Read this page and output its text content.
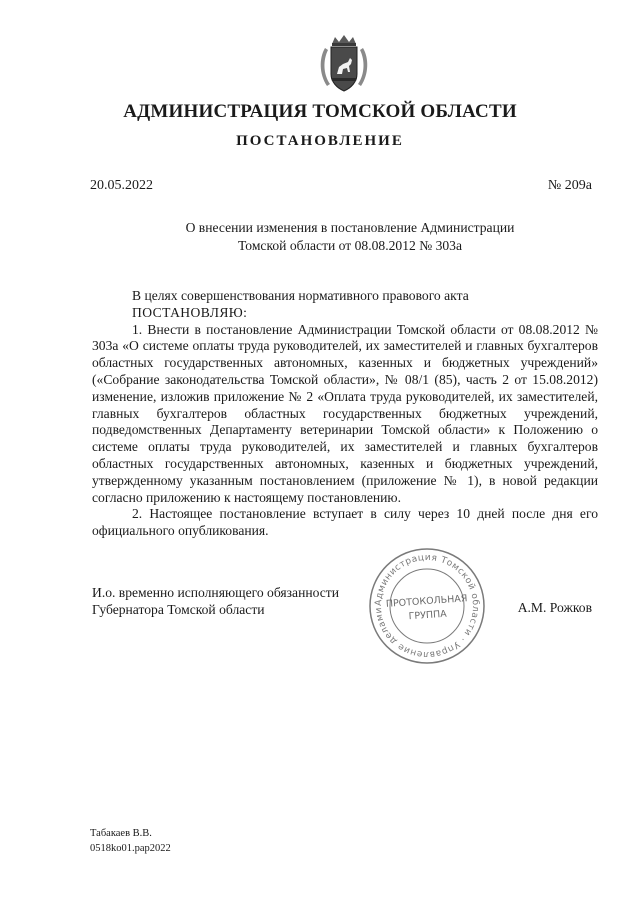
АДМИНИСТРАЦИЯ ТОМСКОЙ ОБЛАСТИ
ПОСТАНОВЛЕНИЕ
20.05.2022	№ 209а
О внесении изменения в постановление Администрации
Томской области от 08.08.2012 № 303а

В целях совершенствования нормативного правового акта

ПОСТАНОВЛЯЮ:

1. Внести в постановление Администрации Томской области от 08.08.2012 № 303а «О системе оплаты труда руководителей, их заместителей и главных бухгалтеров областных государственных автономных, казенных и бюджетных учреждений» («Собрание законодательства Томской области», № 08/1 (85), часть 2 от 15.08.2012) изменение, изложив приложение № 2 «Оплата труда руководителей, их заместителей, главных бухгалтеров областных государственных бюджетных учреждений, подведомственных Департаменту ветеринарии Томской области» к Положению о системе оплаты труда руководителей, их заместителей и главных бухгалтеров областных государственных автономных, казенных и бюджетных учреждений, утвержденному указанным постановлением (приложение № 1), в новой редакции согласно приложению к настоящему постановлению.

2. Настоящее постановление вступает в силу через 10 дней после дня его официального опубликования.

И.о. временно исполняющего обязанности
Губернатора Томской области	Администрация Томской области · Управление делами
ПРОТОКОЛЬНАЯ
ГРУППА
А.М. Рожков
Табакаев В.В.
0518ko01.pap2022
